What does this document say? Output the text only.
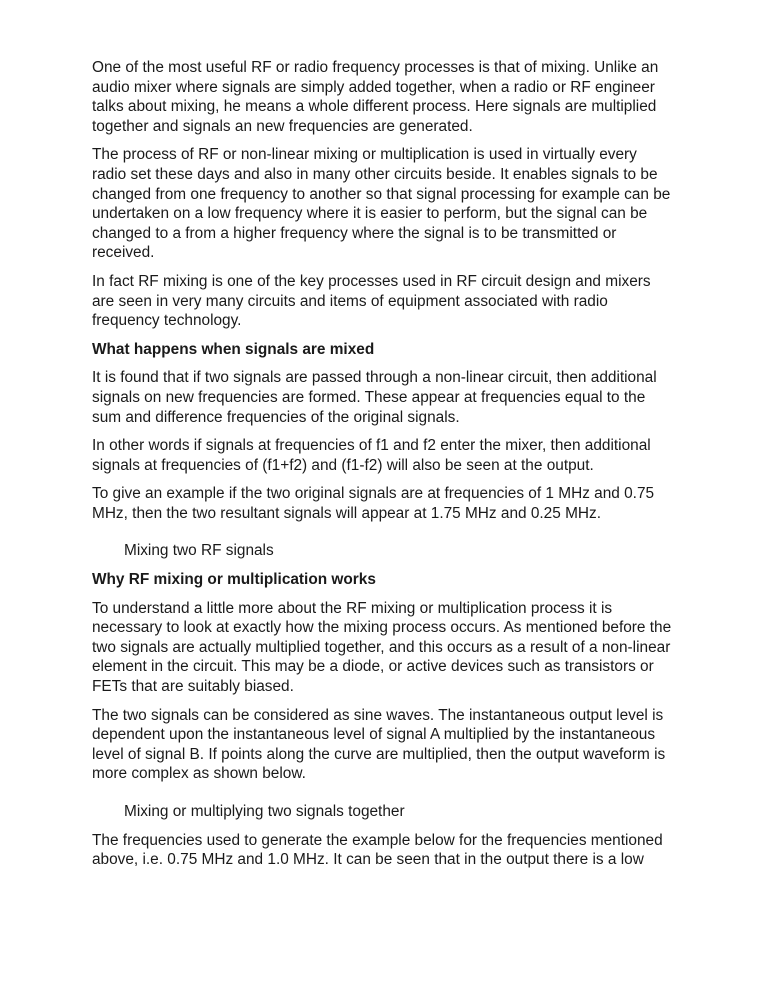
One of the most useful RF or radio frequency processes is that of mixing. Unlike an audio mixer where signals are simply added together, when a radio or RF engineer talks about mixing, he means a whole different process. Here signals are multiplied together and signals an new frequencies are generated.

The process of RF or non-linear mixing or multiplication is used in virtually every radio set these days and also in many other circuits beside. It enables signals to be changed from one frequency to another so that signal processing for example can be undertaken on a low frequency where it is easier to perform, but the signal can be changed to a from a higher frequency where the signal is to be transmitted or received.

In fact RF mixing is one of the key processes used in RF circuit design and mixers are seen in very many circuits and items of equipment associated with radio frequency technology.

What happens when signals are mixed

It is found that if two signals are passed through a non-linear circuit, then additional signals on new frequencies are formed. These appear at frequencies equal to the sum and difference frequencies of the original signals.

In other words if signals at frequencies of f1 and f2 enter the mixer, then additional signals at frequencies of (f1+f2) and (f1-f2) will also be seen at the output.

To give an example if the two original signals are at frequencies of 1 MHz and 0.75 MHz, then the two resultant signals will appear at 1.75 MHz and 0.25 MHz.

Mixing two RF signals

Why RF mixing or multiplication works

To understand a little more about the RF mixing or multiplication process it is necessary to look at exactly how the mixing process occurs. As mentioned before the two signals are actually multiplied together, and this occurs as a result of a non-linear element in the circuit. This may be a diode, or active devices such as transistors or FETs that are suitably biased.

The two signals can be considered as sine waves. The instantaneous output level is dependent upon the instantaneous level of signal A multiplied by the instantaneous level of signal B. If points along the curve are multiplied, then the output waveform is more complex as shown below.

Mixing or multiplying two signals together

The frequencies used to generate the example below for the frequencies mentioned above, i.e. 0.75 MHz and 1.0 MHz. It can be seen that in the output there is a low
